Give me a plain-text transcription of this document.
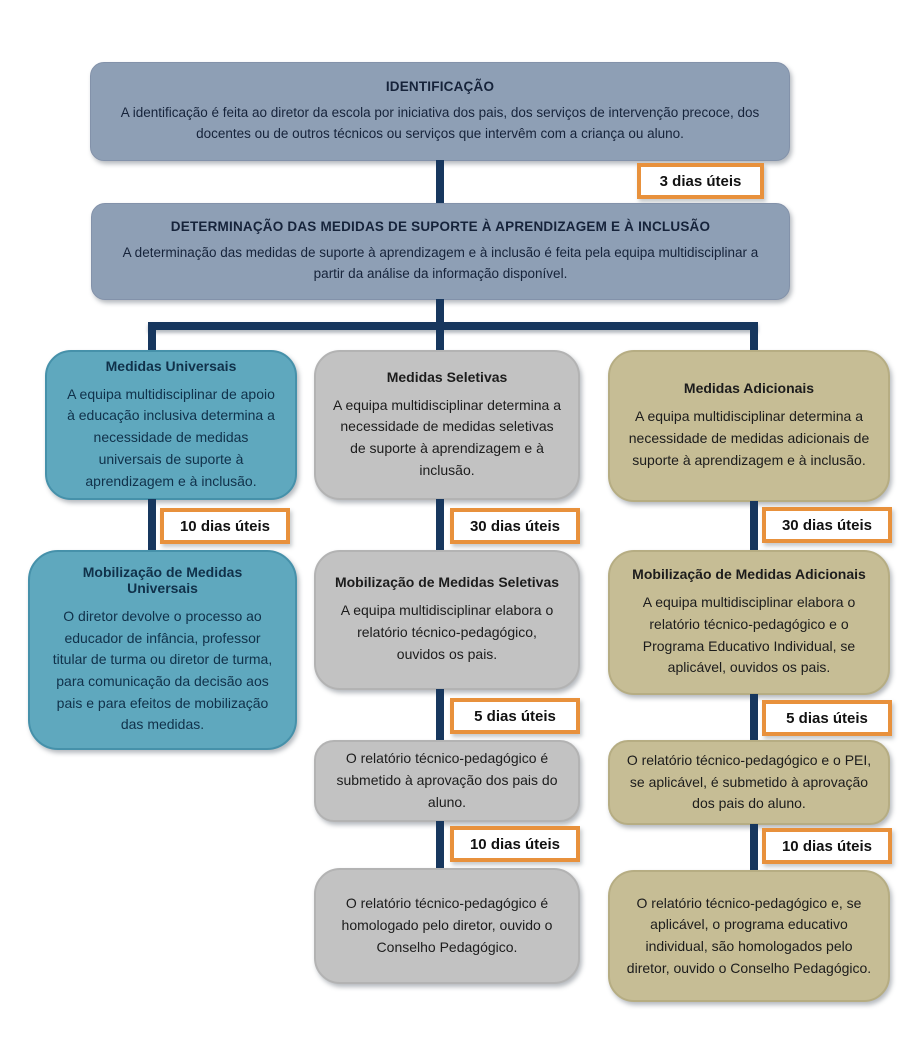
IDENTIFICAÇÃO
A identificação é feita ao diretor da escola por iniciativa dos pais, dos serviços de intervenção precoce, dos docentes ou de outros técnicos ou serviços que intervêm com a criança ou aluno.
3 dias úteis
DETERMINAÇÃO DAS MEDIDAS DE SUPORTE À APRENDIZAGEM E À INCLUSÃO
A determinação das medidas de suporte à aprendizagem e à inclusão é feita pela equipa multidisciplinar a partir da análise da informação disponível.
Medidas Universais
A equipa multidisciplinar de apoio à educação inclusiva determina a necessidade de medidas universais de suporte à aprendizagem e à inclusão.
10 dias úteis
Mobilização de Medidas Universais
O diretor devolve o processo ao educador de infância, professor titular de turma ou diretor de turma, para comunicação da decisão aos pais e para efeitos de mobilização das medidas.
Medidas Seletivas
A equipa multidisciplinar determina a necessidade de medidas seletivas de suporte à aprendizagem e à inclusão.
30 dias úteis
Mobilização de Medidas Seletivas
A equipa multidisciplinar elabora o relatório técnico-pedagógico, ouvidos os pais.
5 dias úteis
O relatório técnico-pedagógico é submetido à aprovação dos pais do aluno.
10 dias úteis
O relatório técnico-pedagógico é homologado pelo diretor, ouvido o Conselho Pedagógico.
Medidas Adicionais
A equipa multidisciplinar determina a necessidade de medidas adicionais de suporte à aprendizagem e à inclusão.
30 dias úteis
Mobilização de Medidas Adicionais
A equipa multidisciplinar elabora o relatório técnico-pedagógico e o Programa Educativo Individual, se aplicável, ouvidos os pais.
5 dias úteis
O relatório técnico-pedagógico e o PEI, se aplicável, é submetido à aprovação dos pais do aluno.
10 dias úteis
O relatório técnico-pedagógico e, se aplicável, o programa educativo individual, são homologados pelo diretor, ouvido o Conselho Pedagógico.
